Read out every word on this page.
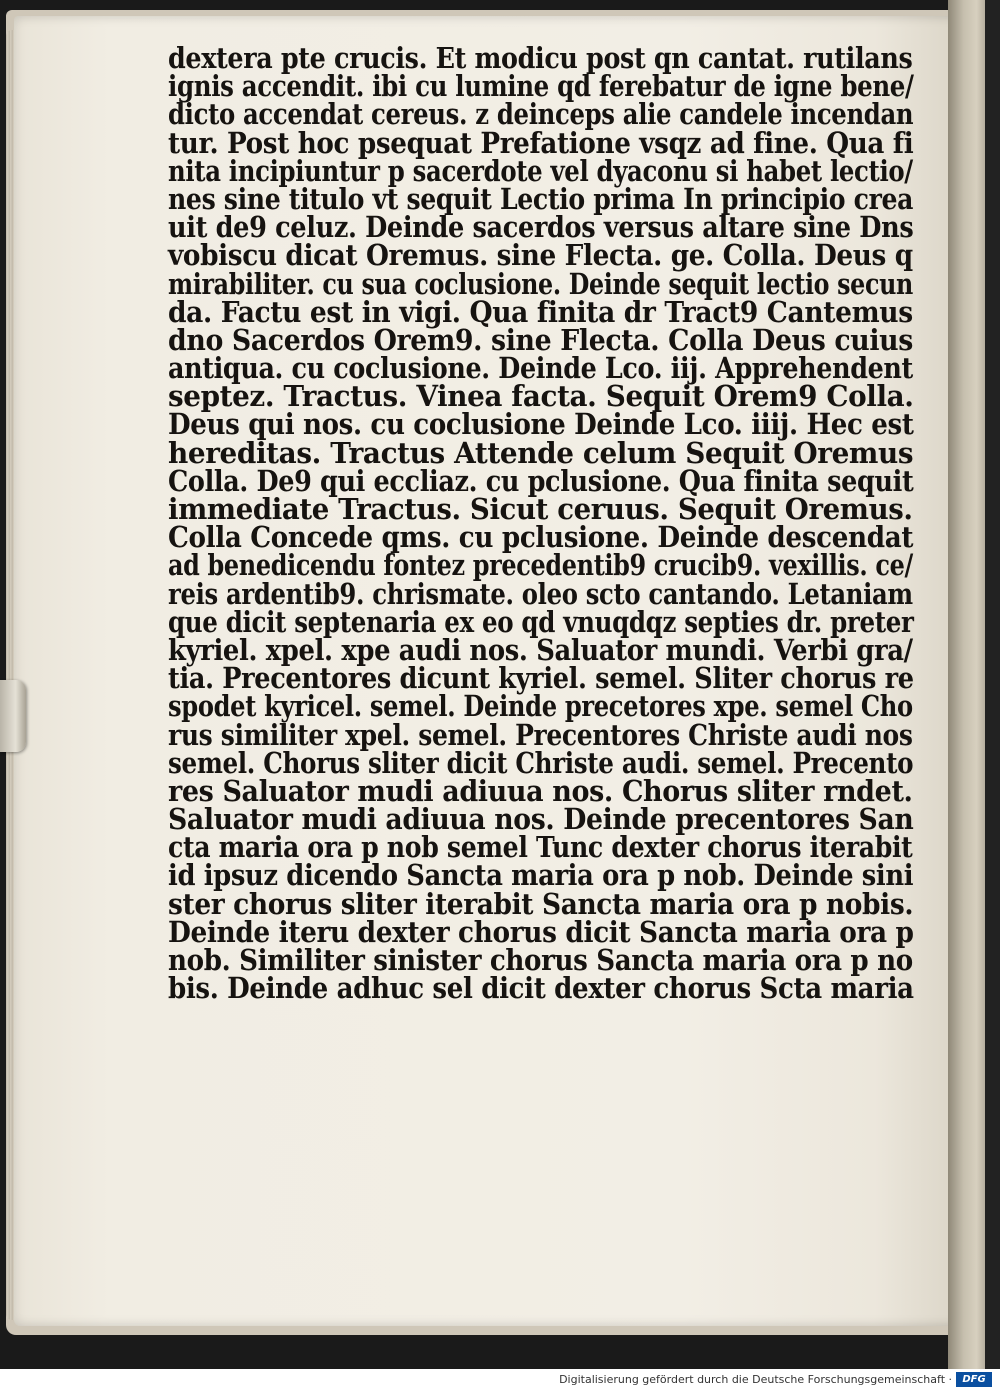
dextera pte crucis. Et modicu post qn cantat. rutilans
ignis accendit. ibi cu lumine qd ferebatur de igne bene/
dicto accendat cereus. z deinceps alie candele incendan
tur. Post hoc psequat Prefatione vsqz ad fine. Qua fi
nita incipiuntur p sacerdote vel dyaconu si habet lectio/
nes sine titulo vt sequit Lectio prima In principio crea
uit de9 celuz. Deinde sacerdos versus altare sine Dns
vobiscu dicat Oremus. sine Flecta. ge. Colla. Deus q
mirabiliter. cu sua coclusione. Deinde sequit lectio secun
da. Factu est in vigi. Qua finita dr Tract9 Cantemus
dno Sacerdos Orem9. sine Flecta. Colla Deus cuius
antiqua. cu coclusione. Deinde Lco. iij. Apprehendent
septez. Tractus. Vinea facta. Sequit Orem9 Colla.
Deus qui nos. cu coclusione Deinde Lco. iiij. Hec est
hereditas. Tractus Attende celum Sequit Oremus
Colla. De9 qui eccliaz. cu pclusione. Qua finita sequit
immediate Tractus. Sicut ceruus. Sequit Oremus.
Colla Concede qms. cu pclusione. Deinde descendat
ad benedicendu fontez precedentib9 crucib9. vexillis. ce/
reis ardentib9. chrismate. oleo scto cantando. Letaniam
que dicit septenaria ex eo qd vnuqdqz septies dr. preter
kyriel. xpel. xpe audi nos. Saluator mundi. Verbi gra/
tia. Precentores dicunt kyriel. semel. Sliter chorus re
spodet kyricel. semel. Deinde precetores xpe. semel Cho
rus similiter xpel. semel. Precentores Christe audi nos
semel. Chorus sliter dicit Christe audi. semel. Precento
res Saluator mudi adiuua nos. Chorus sliter rndet.
Saluator mudi adiuua nos. Deinde precentores San
cta maria ora p nob semel Tunc dexter chorus iterabit
id ipsuz dicendo Sancta maria ora p nob. Deinde sini
ster chorus sliter iterabit Sancta maria ora p nobis.
Deinde iteru dexter chorus dicit Sancta maria ora p
nob. Similiter sinister chorus Sancta maria ora p no
bis. Deinde adhuc sel dicit dexter chorus Scta maria
Digitalisierung gefördert durch die Deutsche Forschungsgemeinschaft ·	DFG
